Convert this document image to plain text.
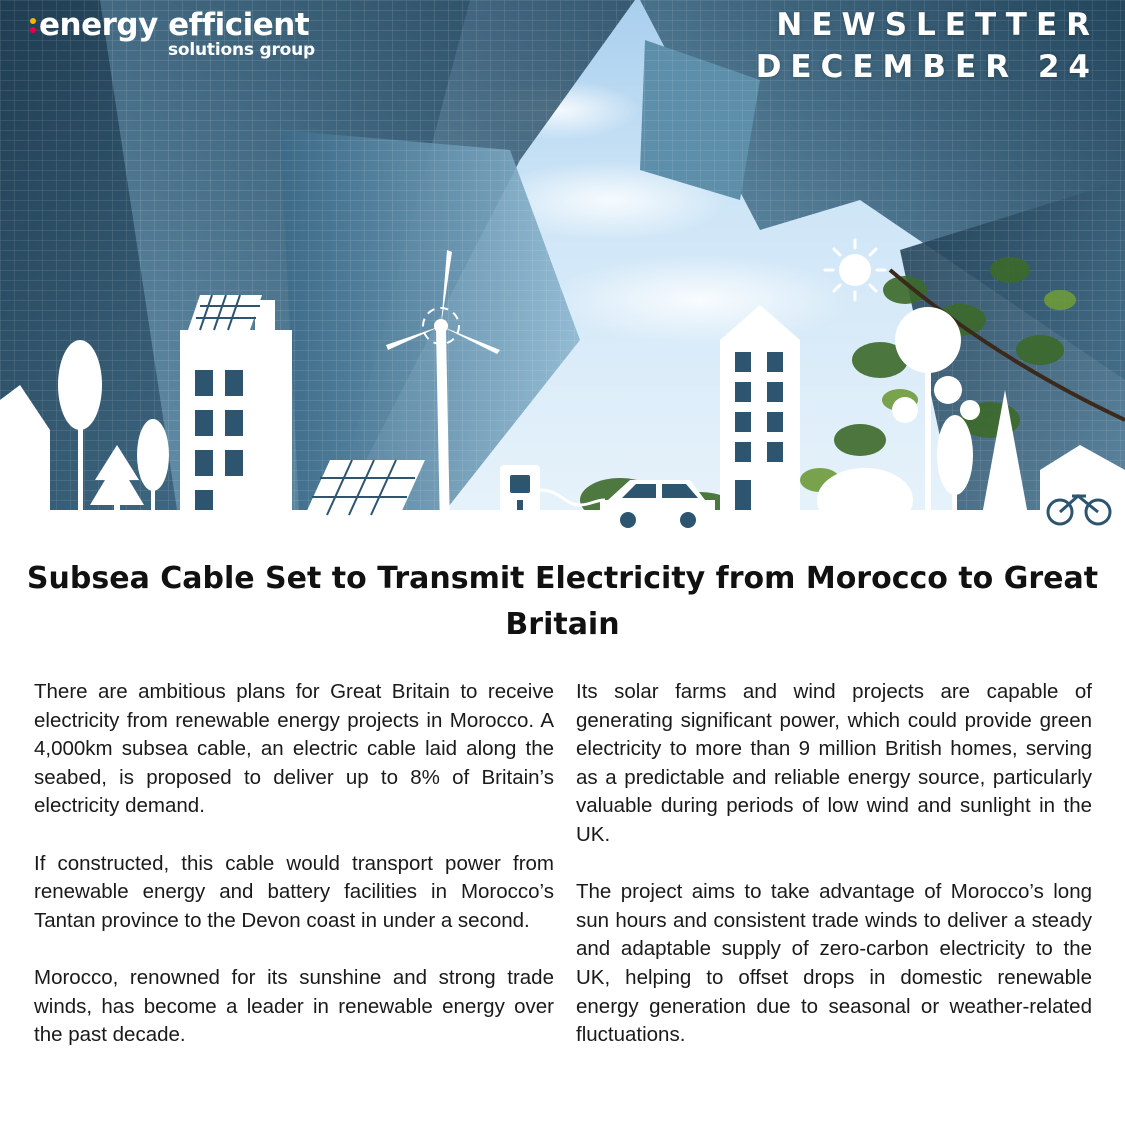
energy efficient
solutions group
NEWSLETTER
DECEMBER 24
Subsea Cable Set to Transmit Electricity from Morocco to Great Britain

There are ambitious plans for Great Britain to receive electricity from renewable energy projects in Morocco. A 4,000km subsea cable, an electric cable laid along the seabed, is proposed to deliver up to 8% of Britain’s electricity demand.

If constructed, this cable would transport power from renewable energy and battery facilities in Morocco’s Tantan province to the Devon coast in under a second.

Morocco, renowned for its sunshine and strong trade winds, has become a leader in renewable energy over the past decade.

Its solar farms and wind projects are capable of generating significant power, which could provide green electricity to more than 9 million British homes, serving as a predictable and reliable energy source, particularly valuable during periods of low wind and sunlight in the UK.

The project aims to take advantage of Morocco’s long sun hours and consistent trade winds to deliver a steady and adaptable supply of zero-carbon electricity to the UK, helping to offset drops in domestic renewable energy generation due to seasonal or weather-related fluctuations.
